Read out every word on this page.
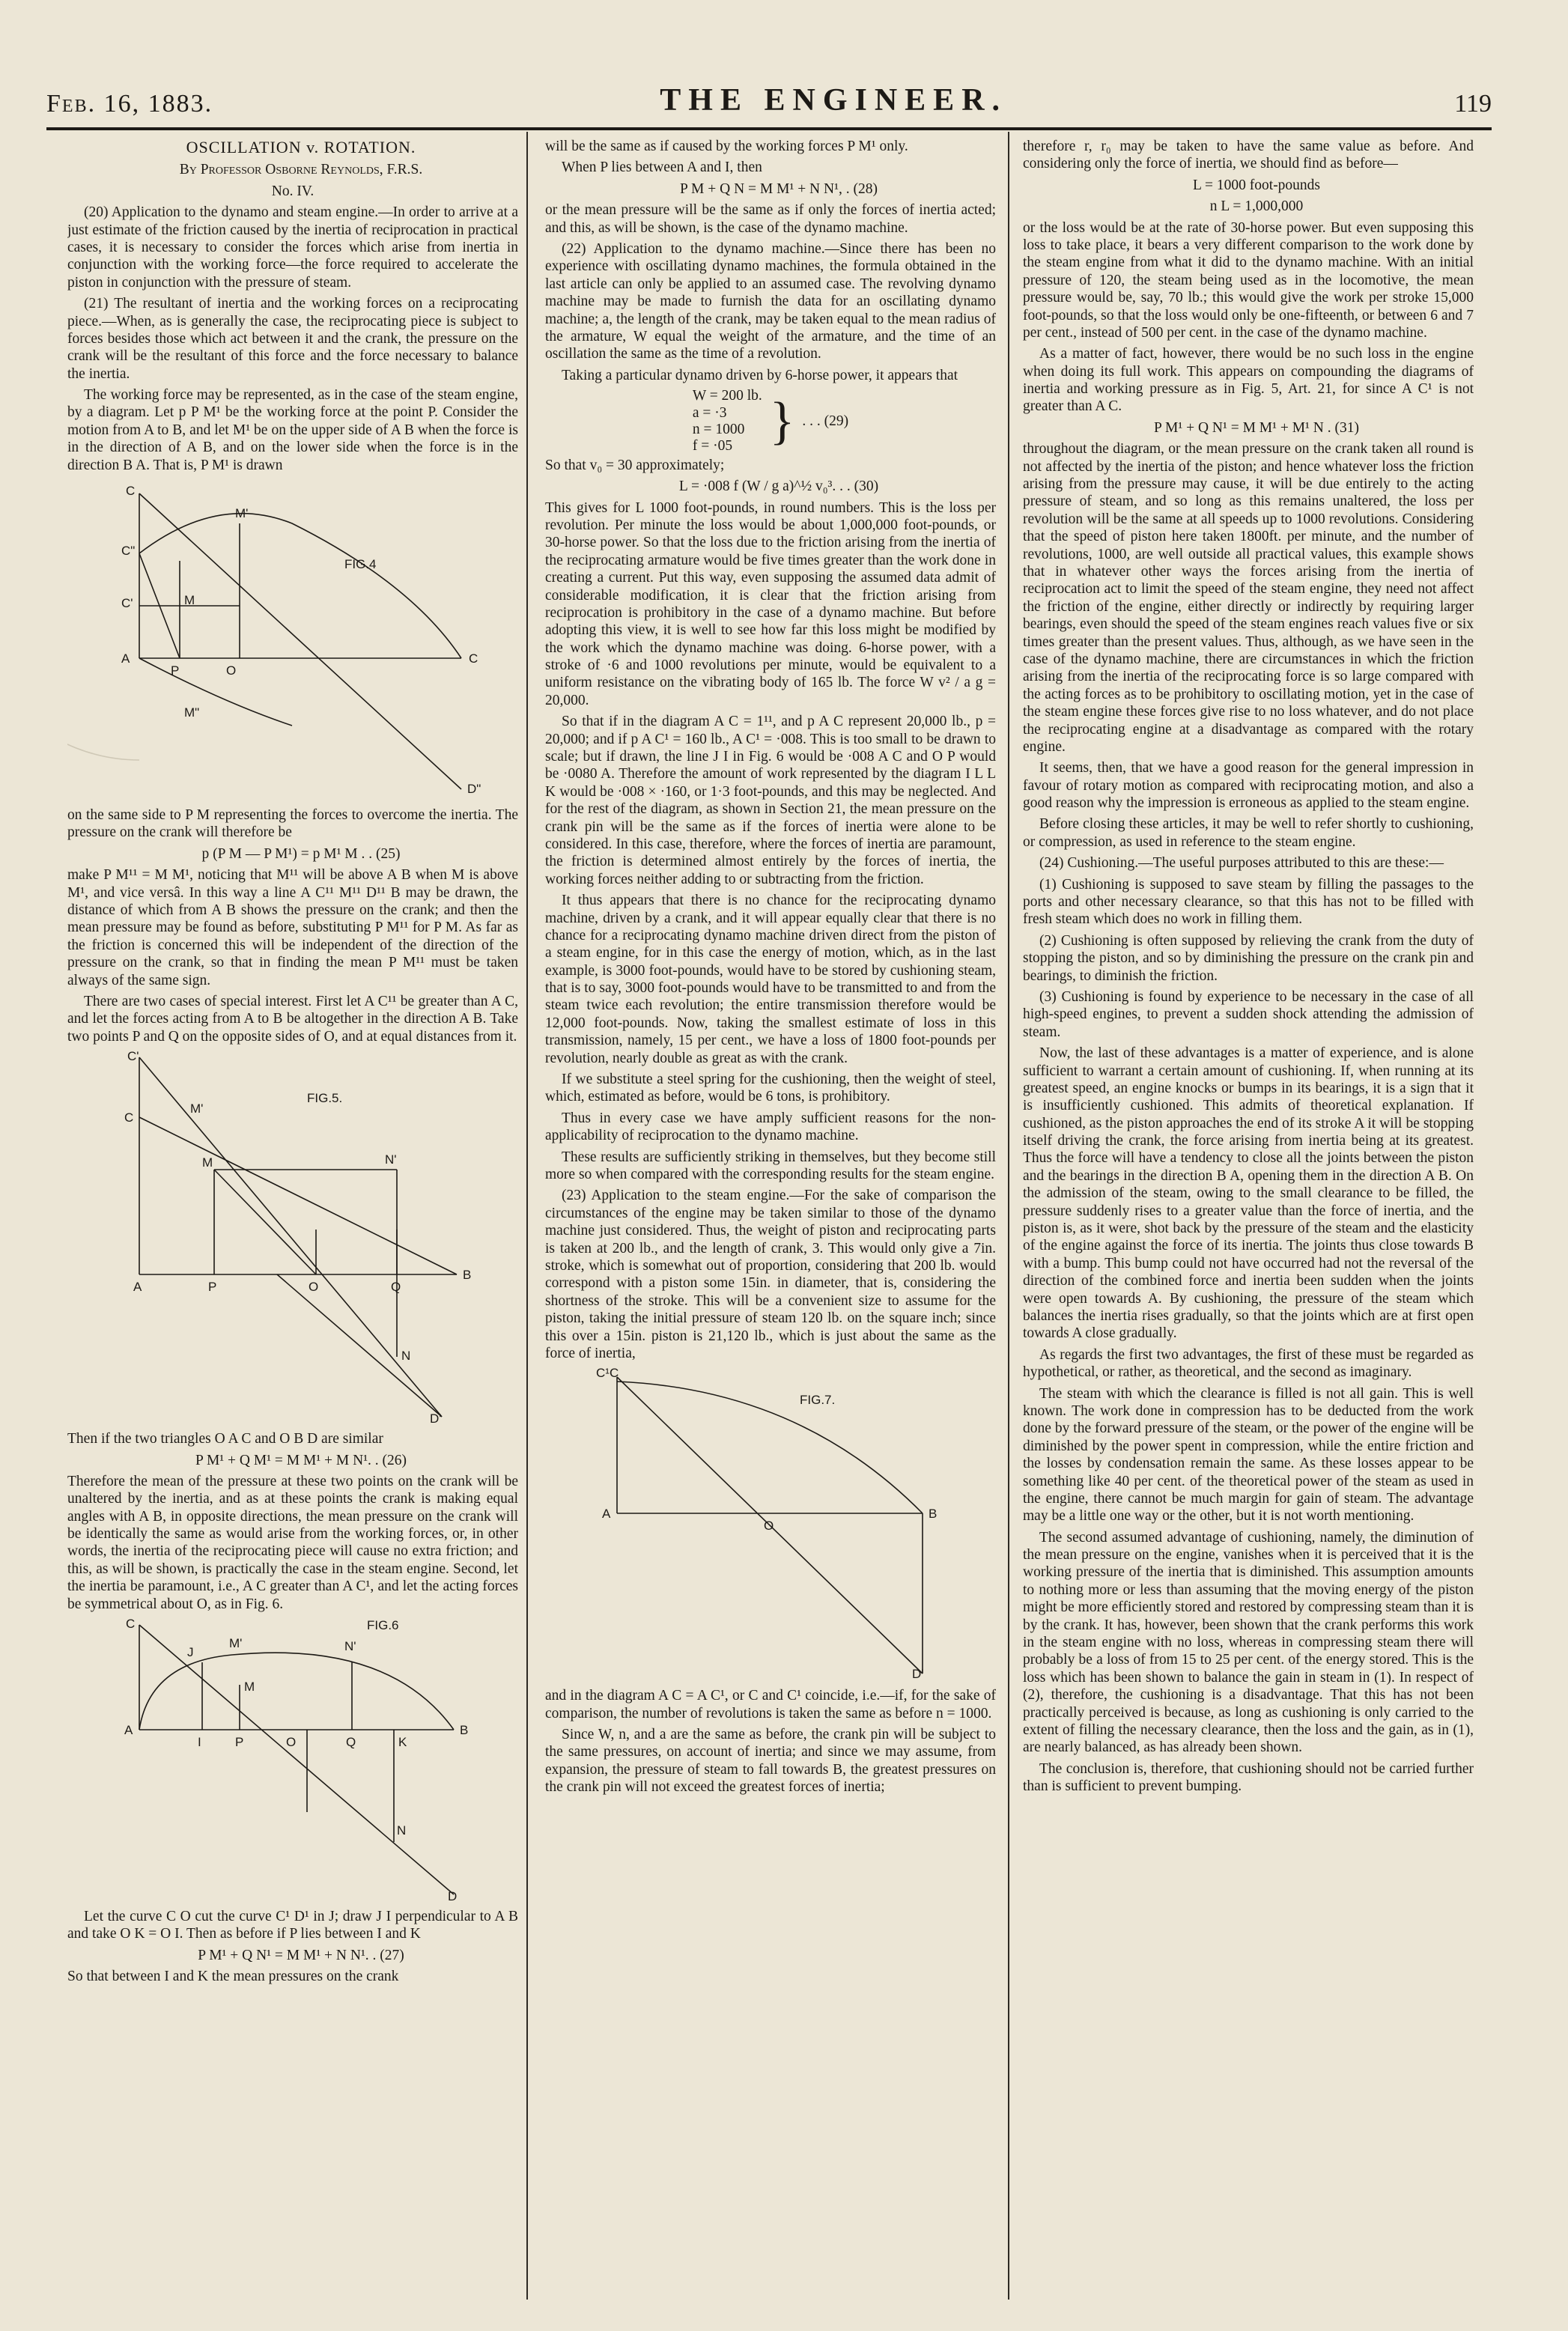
Feb. 16, 1883.	THE ENGINEER.	119

OSCILLATION v. ROTATION.

By Professor Osborne Reynolds, F.R.S.

No. IV.

(20) Application to the dynamo and steam engine.—In order to arrive at a just estimate of the friction caused by the inertia of reciprocation in practical cases, it is necessary to consider the forces which arise from inertia in conjunction with the working force—the force required to accelerate the piston in conjunction with the pressure of steam.

(21) The resultant of inertia and the working forces on a reciprocating piece.—When, as is generally the case, the reciprocating piece is subject to forces besides those which act between it and the crank, the pressure on the crank will be the resultant of this force and the force necessary to balance the inertia.

The working force may be represented, as in the case of the steam engine, by a diagram. Let p P M¹ be the working force at the point P. Consider the motion from A to B, and let M¹ be on the upper side of A B when the force is in the direction of A B, and on the lower side when the force is in the direction B A. That is, P M¹ is drawn

C
C"
C'
M'
M
A
P	O
C
M"
D"
FIG.4

on the same side to P M representing the forces to overcome the inertia. The pressure on the crank will therefore be

p (P M — P M¹) = p M¹ M . . (25)

make P M¹¹ = M M¹, noticing that M¹¹ will be above A B when M is above M¹, and vice versâ. In this way a line A C¹¹ M¹¹ D¹¹ B may be drawn, the distance of which from A B shows the pressure on the crank; and then the mean pressure may be found as before, substituting P M¹¹ for P M. As far as the friction is concerned this will be independent of the direction of the pressure on the crank, so that in finding the mean P M¹¹ must be taken always of the same sign.

There are two cases of special interest. First let A C¹¹ be greater than A C, and let the forces acting from A to B be altogether in the direction A B. Take two points P and Q on the opposite sides of O, and at equal distances from it.

C'
C
M'
M	N'
A	P	O	Q
B
N
D'
FIG.5.

Then if the two triangles O A C and O B D are similar

P M¹ + Q M¹ = M M¹ + M N¹. . (26)

Therefore the mean of the pressure at these two points on the crank will be unaltered by the inertia, and as at these points the crank is making equal angles with A B, in opposite directions, the mean pressure on the crank will be identically the same as would arise from the working forces, or, in other words, the inertia of the reciprocating piece will cause no extra friction; and this, as will be shown, is practically the case in the steam engine. Second, let the inertia be paramount, i.e., A C greater than A C¹, and let the acting forces be symmetrical about O, as in Fig. 6.

C
J
M'	N'
M
A
I	P	O	Q	K
B
N
D
FIG.6

Let the curve C O cut the curve C¹ D¹ in J; draw J I perpendicular to A B and take O K = O I. Then as before if P lies between I and K

P M¹ + Q N¹ = M M¹ + N N¹. . (27)

So that between I and K the mean pressures on the crank

will be the same as if caused by the working forces P M¹ only.

When P lies between A and I, then

P M + Q N = M M¹ + N N¹, . (28)

or the mean pressure will be the same as if only the forces of inertia acted; and this, as will be shown, is the case of the dynamo machine.

(22) Application to the dynamo machine.—Since there has been no experience with oscillating dynamo machines, the formula obtained in the last article can only be applied to an assumed case. The revolving dynamo machine may be made to furnish the data for an oscillating dynamo machine; a, the length of the crank, may be taken equal to the mean radius of the armature, W equal the weight of the armature, and the time of an oscillation the same as the time of a revolution.

Taking a particular dynamo driven by 6-horse power, it appears that

W = 200 lb.
a = ·3
n = 1000
f = ·05 } . . . (29)

So that v₀ = 30 approximately;

L = ·008 f (W / g a)^½ v₀³. . . (30)

This gives for L 1000 foot-pounds, in round numbers. This is the loss per revolution. Per minute the loss would be about 1,000,000 foot-pounds, or 30-horse power. So that the loss due to the friction arising from the inertia of the reciprocating armature would be five times greater than the work done in creating a current. Put this way, even supposing the assumed data admit of considerable modification, it is clear that the friction arising from reciprocation is prohibitory in the case of a dynamo machine. But before adopting this view, it is well to see how far this loss might be modified by the work which the dynamo machine was doing. 6-horse power, with a stroke of ·6 and 1000 revolutions per minute, would be equivalent to a uniform resistance on the vibrating body of 165 lb. The force W v² / a g = 20,000.

So that if in the diagram A C = 1¹¹, and p A C represent 20,000 lb., p = 20,000; and if p A C¹ = 160 lb., A C¹ = ·008. This is too small to be drawn to scale; but if drawn, the line J I in Fig. 6 would be ·008 A C and O P would be ·0080 A. Therefore the amount of work represented by the diagram I L L K would be ·008 × ·160, or 1·3 foot-pounds, and this may be neglected. And for the rest of the diagram, as shown in Section 21, the mean pressure on the crank pin will be the same as if the forces of inertia were alone to be considered. In this case, therefore, where the forces of inertia are paramount, the friction is determined almost entirely by the forces of inertia, the working forces neither adding to or subtracting from the friction.

It thus appears that there is no chance for the reciprocating dynamo machine, driven by a crank, and it will appear equally clear that there is no chance for a reciprocating dynamo machine driven direct from the piston of a steam engine, for in this case the energy of motion, which, as in the last example, is 3000 foot-pounds, would have to be stored by cushioning steam, that is to say, 3000 foot-pounds would have to be transmitted to and from the steam twice each revolution; the entire transmission therefore would be 12,000 foot-pounds. Now, taking the smallest estimate of loss in this transmission, namely, 15 per cent., we have a loss of 1800 foot-pounds per revolution, nearly double as great as with the crank.

If we substitute a steel spring for the cushioning, then the weight of steel, which, estimated as before, would be 6 tons, is prohibitory.

Thus in every case we have amply sufficient reasons for the non-applicability of reciprocation to the dynamo machine.

These results are sufficiently striking in themselves, but they become still more so when compared with the corresponding results for the steam engine.

(23) Application to the steam engine.—For the sake of comparison the circumstances of the engine may be taken similar to those of the dynamo machine just considered. Thus, the weight of piston and reciprocating parts is taken at 200 lb., and the length of crank, 3. This would only give a 7in. stroke, which is somewhat out of proportion, considering that 200 lb. would correspond with a piston some 15in. in diameter, that is, considering the shortness of the stroke. This will be a convenient size to assume for the piston, taking the initial pressure of steam 120 lb. on the square inch; since this over a 15in. piston is 21,120 lb., which is just about the same as the force of inertia,

C¹C
A
O
B
D'
FIG.7.

and in the diagram A C = A C¹, or C and C¹ coincide, i.e.—if, for the sake of comparison, the number of revolutions is taken the same as before n = 1000.

Since W, n, and a are the same as before, the crank pin will be subject to the same pressures, on account of inertia; and since we may assume, from expansion, the pressure of steam to fall towards B, the greatest pressures on the crank pin will not exceed the greatest forces of inertia;

therefore r, r₀ may be taken to have the same value as before. And considering only the force of inertia, we should find as before—

L = 1000 foot-pounds

n L = 1,000,000

or the loss would be at the rate of 30-horse power. But even supposing this loss to take place, it bears a very different comparison to the work done by the steam engine from what it did to the dynamo machine. With an initial pressure of 120, the steam being used as in the locomotive, the mean pressure would be, say, 70 lb.; this would give the work per stroke 15,000 foot-pounds, so that the loss would only be one-fifteenth, or between 6 and 7 per cent., instead of 500 per cent. in the case of the dynamo machine.

As a matter of fact, however, there would be no such loss in the engine when doing its full work. This appears on compounding the diagrams of inertia and working pressure as in Fig. 5, Art. 21, for since A C¹ is not greater than A C.

P M¹ + Q N¹ = M M¹ + M¹ N . (31)

throughout the diagram, or the mean pressure on the crank taken all round is not affected by the inertia of the piston; and hence whatever loss the friction arising from the pressure may cause, it will be due entirely to the acting pressure of steam, and so long as this remains unaltered, the loss per revolution will be the same at all speeds up to 1000 revolutions. Considering that the speed of piston here taken 1800ft. per minute, and the number of revolutions, 1000, are well outside all practical values, this example shows that in whatever other ways the forces arising from the inertia of reciprocation act to limit the speed of the steam engine, they need not affect the friction of the engine, either directly or indirectly by requiring larger bearings, even should the speed of the steam engines reach values five or six times greater than the present values. Thus, although, as we have seen in the case of the dynamo machine, there are circumstances in which the friction arising from the inertia of the reciprocating force is so large compared with the acting forces as to be prohibitory to oscillating motion, yet in the case of the steam engine these forces give rise to no loss whatever, and do not place the reciprocating engine at a disadvantage as compared with the rotary engine.

It seems, then, that we have a good reason for the general impression in favour of rotary motion as compared with reciprocating motion, and also a good reason why the impression is erroneous as applied to the steam engine.

Before closing these articles, it may be well to refer shortly to cushioning, or compression, as used in reference to the steam engine.

(24) Cushioning.—The useful purposes attributed to this are these:—

(1) Cushioning is supposed to save steam by filling the passages to the ports and other necessary clearance, so that this has not to be filled with fresh steam which does no work in filling them.

(2) Cushioning is often supposed by relieving the crank from the duty of stopping the piston, and so by diminishing the pressure on the crank pin and bearings, to diminish the friction.

(3) Cushioning is found by experience to be necessary in the case of all high-speed engines, to prevent a sudden shock attending the admission of steam.

Now, the last of these advantages is a matter of experience, and is alone sufficient to warrant a certain amount of cushioning. If, when running at its greatest speed, an engine knocks or bumps in its bearings, it is a sign that it is insufficiently cushioned. This admits of theoretical explanation. If cushioned, as the piston approaches the end of its stroke A it will be stopping itself driving the crank, the force arising from inertia being at its greatest. Thus the force will have a tendency to close all the joints between the piston and the bearings in the direction B A, opening them in the direction A B. On the admission of the steam, owing to the small clearance to be filled, the pressure suddenly rises to a greater value than the force of inertia, and the piston is, as it were, shot back by the pressure of the steam and the elasticity of the engine against the force of its inertia. The joints thus close towards B with a bump. This bump could not have occurred had not the reversal of the direction of the combined force and inertia been sudden when the joints were open towards A. By cushioning, the pressure of the steam which balances the inertia rises gradually, so that the joints which are at first open towards A close gradually.

As regards the first two advantages, the first of these must be regarded as hypothetical, or rather, as theoretical, and the second as imaginary.

The steam with which the clearance is filled is not all gain. This is well known. The work done in compression has to be deducted from the work done by the forward pressure of the steam, or the power of the engine will be diminished by the power spent in compression, while the entire friction and the losses by condensation remain the same. As these losses appear to be something like 40 per cent. of the theoretical power of the steam as used in the engine, there cannot be much margin for gain of steam. The advantage may be a little one way or the other, but it is not worth mentioning.

The second assumed advantage of cushioning, namely, the diminution of the mean pressure on the engine, vanishes when it is perceived that it is the working pressure of the inertia that is diminished. This assumption amounts to nothing more or less than assuming that the moving energy of the piston might be more efficiently stored and restored by compressing steam than it is by the crank. It has, however, been shown that the crank performs this work in the steam engine with no loss, whereas in compressing steam there will probably be a loss of from 15 to 25 per cent. of the energy stored. This is the loss which has been shown to balance the gain in steam in (1). In respect of (2), therefore, the cushioning is a disadvantage. That this has not been practically perceived is because, as long as cushioning is only carried to the extent of filling the necessary clearance, then the loss and the gain, as in (1), are nearly balanced, as has already been shown.

The conclusion is, therefore, that cushioning should not be carried further than is sufficient to prevent bumping.
